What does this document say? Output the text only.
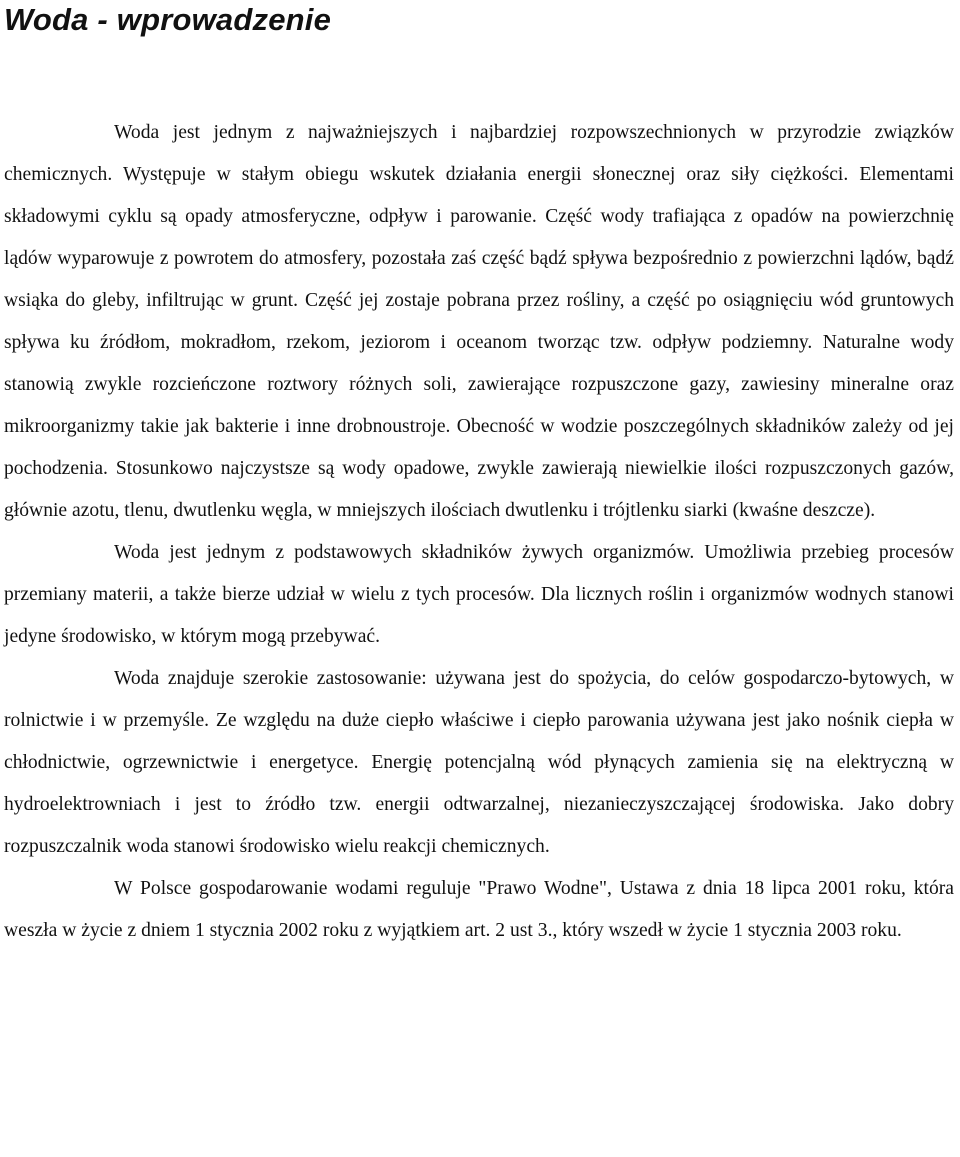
Woda - wprowadzenie

Woda jest jednym z najważniejszych i najbardziej rozpowszechnionych w przyrodzie związków chemicznych. Występuje w stałym obiegu wskutek działania energii słonecznej oraz siły ciężkości. Elementami składowymi cyklu są opady atmosferyczne, odpływ i parowanie. Część wody trafiająca z opadów na powierzchnię lądów wyparowuje z powrotem do atmosfery, pozostała zaś część bądź spływa bezpośrednio z powierzchni lądów, bądź wsiąka do gleby, infiltrując w grunt. Część jej zostaje pobrana przez rośliny, a część po osiągnięciu wód gruntowych spływa ku źródłom, mokradłom, rzekom, jeziorom i oceanom tworząc tzw. odpływ podziemny. Naturalne wody stanowią zwykle rozcieńczone roztwory różnych soli, zawierające rozpuszczone gazy, zawiesiny mineralne oraz mikroorganizmy takie jak bakterie i inne drobnoustroje. Obecność w wodzie poszczególnych składników zależy od jej pochodzenia. Stosunkowo najczystsze są wody opadowe, zwykle zawierają niewielkie ilości rozpuszczonych gazów, głównie azotu, tlenu, dwutlenku węgla, w mniejszych ilościach dwutlenku i trójtlenku siarki (kwaśne deszcze).

Woda jest jednym z podstawowych składników żywych organizmów. Umożliwia przebieg procesów przemiany materii, a także bierze udział w wielu z tych procesów. Dla licznych roślin i organizmów wodnych stanowi jedyne środowisko, w którym mogą przebywać.

Woda znajduje szerokie zastosowanie: używana jest do spożycia, do celów gospodarczo-bytowych, w rolnictwie i w przemyśle. Ze względu na duże ciepło właściwe i ciepło parowania używana jest jako nośnik ciepła w chłodnictwie, ogrzewnictwie i energetyce. Energię potencjalną wód płynących zamienia się na elektryczną w hydroelektrowniach i jest to źródło tzw. energii odtwarzalnej, niezanieczyszczającej środowiska. Jako dobry rozpuszczalnik woda stanowi środowisko wielu reakcji chemicznych.

W Polsce gospodarowanie wodami reguluje "Prawo Wodne", Ustawa z dnia 18 lipca 2001 roku, która weszła w życie z dniem 1 stycznia 2002 roku z wyjątkiem art. 2 ust 3., który wszedł w życie 1 stycznia 2003 roku.
